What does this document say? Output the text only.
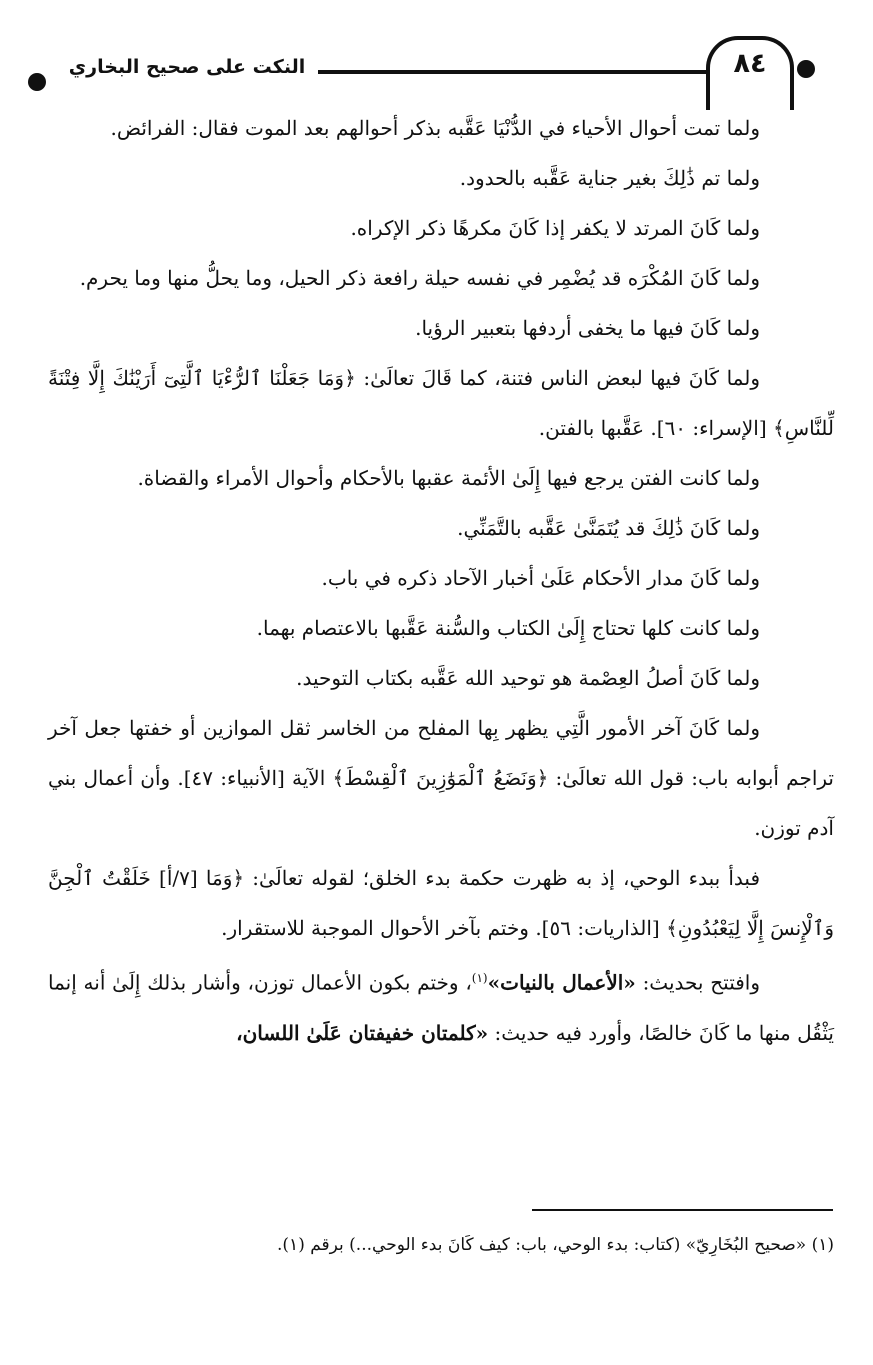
النكت على صحيح البخاري	٨٤

ولما تمت أحوال الأحياء في الدُّنْيَا عَقَّبه بذكر أحوالهم بعد الموت فقال: الفرائض.

ولما تم ذَٰلِكَ بغير جناية عَقَّبه بالحدود.

ولما كَانَ المرتد لا يكفر إذا كَانَ مكرهًا ذكر الإكراه.

ولما كَانَ المُكْرَه قد يُضْمِر في نفسه حيلة رافعة ذكر الحيل، وما يحلُّ منها وما يحرم.

ولما كَانَ فيها ما يخفى أردفها بتعبير الرؤيا.

ولما كَانَ فيها لبعض الناس فتنة، كما قَالَ تعالَىٰ: ﴿وَمَا جَعَلْنَا ٱلرُّءْيَا ٱلَّتِىٓ أَرَيْنَٰكَ إِلَّا فِتْنَةً لِّلنَّاسِ﴾ [الإسراء: ٦٠]. عَقَّبها بالفتن.

ولما كانت الفتن يرجع فيها إِلَىٰ الأئمة عقبها بالأحكام وأحوال الأمراء والقضاة.

ولما كَانَ ذَٰلِكَ قد يُتَمَنَّىٰ عَقَّبه بالتَّمَنِّي.

ولما كَانَ مدار الأحكام عَلَىٰ أخبار الآحاد ذكره في باب.

ولما كانت كلها تحتاج إِلَىٰ الكتاب والسُّنة عَقَّبها بالاعتصام بهما.

ولما كَانَ أصلُ العِصْمة هو توحيد الله عَقَّبه بكتاب التوحيد.

ولما كَانَ آخر الأمور الَّتِي يظهر بِها المفلح من الخاسر ثقل الموازين أو خفتها جعل آخر تراجم أبوابه باب: قول الله تعالَىٰ: ﴿وَنَضَعُ ٱلْمَوَٰزِينَ ٱلْقِسْطَ﴾ الآية [الأنبياء: ٤٧]. وأن أعمال بني آدم توزن.

فبدأ ببدء الوحي، إذ به ظهرت حكمة بدء الخلق؛ لقوله تعالَىٰ: ﴿وَمَا [٧/أ] خَلَقْتُ ٱلْجِنَّ وَٱلْإِنسَ إِلَّا لِيَعْبُدُونِ﴾ [الذاريات: ٥٦]. وختم بآخر الأحوال الموجبة للاستقرار.

وافتتح بحديث: «الأعمال بالنيات»$^{(١)}$، وختم بكون الأعمال توزن، وأشار بذلك إِلَىٰ أنه إنما يَثْقُل منها ما كَانَ خالصًا، وأورد فيه حديث: «كلمتان خفيفتان عَلَىٰ اللسان،

(١) «صحيح البُخَارِيّ» (كتاب: بدء الوحي، باب: كيف كَانَ بدء الوحي...) برقم (١).
